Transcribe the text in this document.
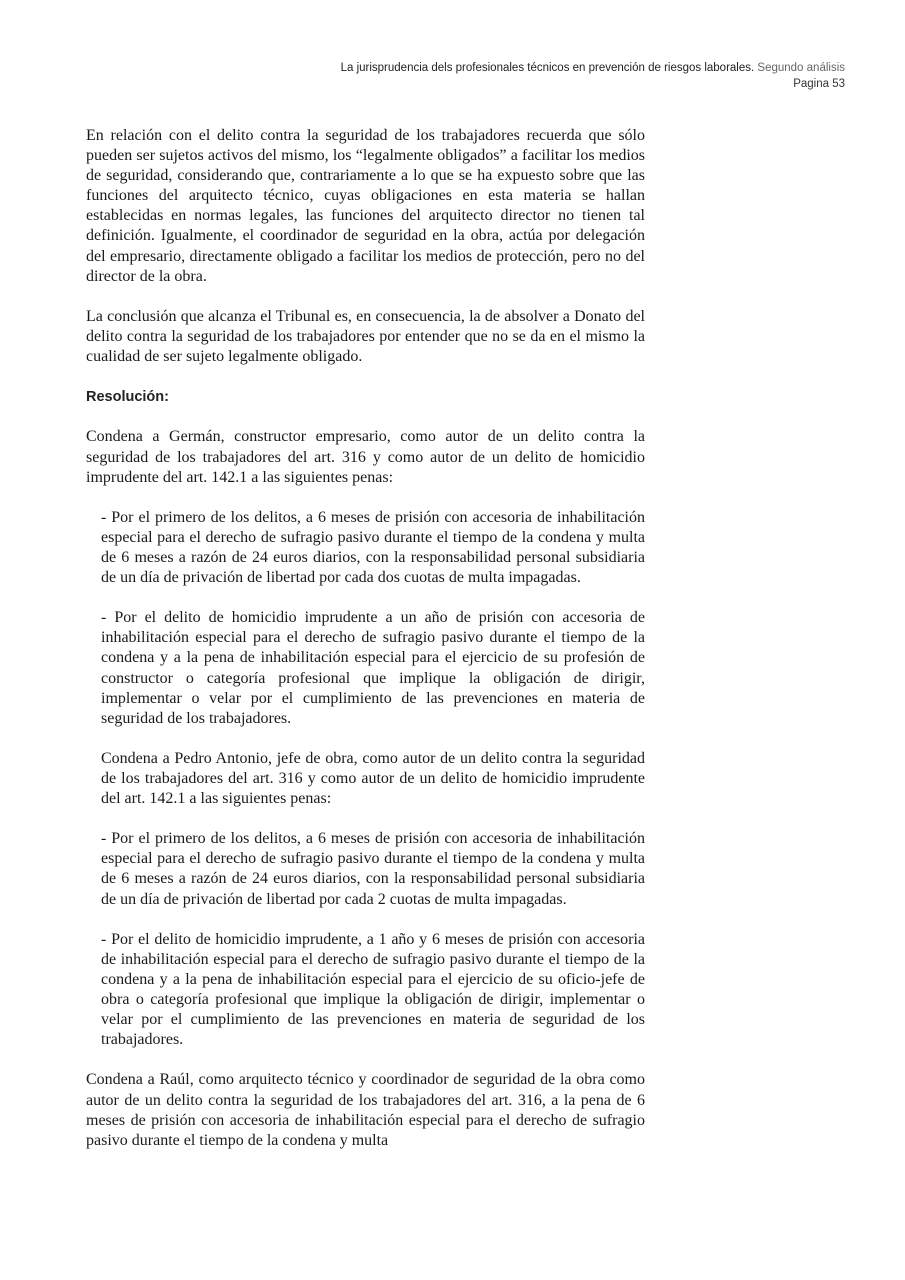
La jurisprudencia dels profesionales técnicos en prevención de riesgos laborales. Segundo análisis
Pagina 53

En relación con el delito contra la seguridad de los trabajadores recuerda que sólo pueden ser sujetos activos del mismo, los “legalmente obligados” a facilitar los medios de seguridad, considerando que, contrariamente a lo que se ha expuesto sobre que las funciones del arquitecto técnico, cuyas obligaciones en esta materia se hallan establecidas en normas legales, las funciones del arquitecto director no tienen tal definición. Igualmente, el coordinador de seguridad en la obra, actúa por delegación del empresario, directamente obligado a facilitar los medios de protección, pero no del director de la obra.

La conclusión que alcanza el Tribunal es, en consecuencia, la de absolver a Donato del delito contra la seguridad de los trabajadores por entender que no se da en el mismo la cualidad de ser sujeto legalmente obligado.

Resolución:

Condena a Germán, constructor empresario, como autor de un delito contra la seguridad de los trabajadores del art. 316 y como autor de un delito de homicidio imprudente del art. 142.1 a las siguientes penas:

- Por el primero de los delitos, a 6 meses de prisión con accesoria de inhabilitación especial para el derecho de sufragio pasivo durante el tiempo de la condena y multa de 6 meses a razón de 24 euros diarios, con la responsabilidad personal subsidiaria de un día de privación de libertad por cada dos cuotas de multa impagadas.

- Por el delito de homicidio imprudente a un año de prisión con accesoria de inhabilitación especial para el derecho de sufragio pasivo durante el tiempo de la condena y a la pena de inhabilitación especial para el ejercicio de su profesión de constructor o categoría profesional que implique la obligación de dirigir, implementar o velar por el cumplimiento de las prevenciones en materia de seguridad de los trabajadores.

Condena a Pedro Antonio, jefe de obra, como autor de un delito contra la seguridad de los trabajadores del art. 316 y como autor de un delito de homicidio imprudente del art. 142.1 a las siguientes penas:

- Por el primero de los delitos, a 6 meses de prisión con accesoria de inhabilitación especial para el derecho de sufragio pasivo durante el tiempo de la condena y multa de 6 meses a razón de 24 euros diarios, con la responsabilidad personal subsidiaria de un día de privación de libertad por cada 2 cuotas de multa impagadas.

- Por el delito de homicidio imprudente, a 1 año y 6 meses de prisión con accesoria de inhabilitación especial para el derecho de sufragio pasivo durante el tiempo de la condena y a la pena de inhabilitación especial para el ejercicio de su oficio-jefe de obra o categoría profesional que implique la obligación de dirigir, implementar o velar por el cumplimiento de las prevenciones en materia de seguridad de los trabajadores.

Condena a Raúl, como arquitecto técnico y coordinador de seguridad de la obra como autor de un delito contra la seguridad de los trabajadores del art. 316, a la pena de 6 meses de prisión con accesoria de inhabilitación especial para el derecho de sufragio pasivo durante el tiempo de la condena y multa
